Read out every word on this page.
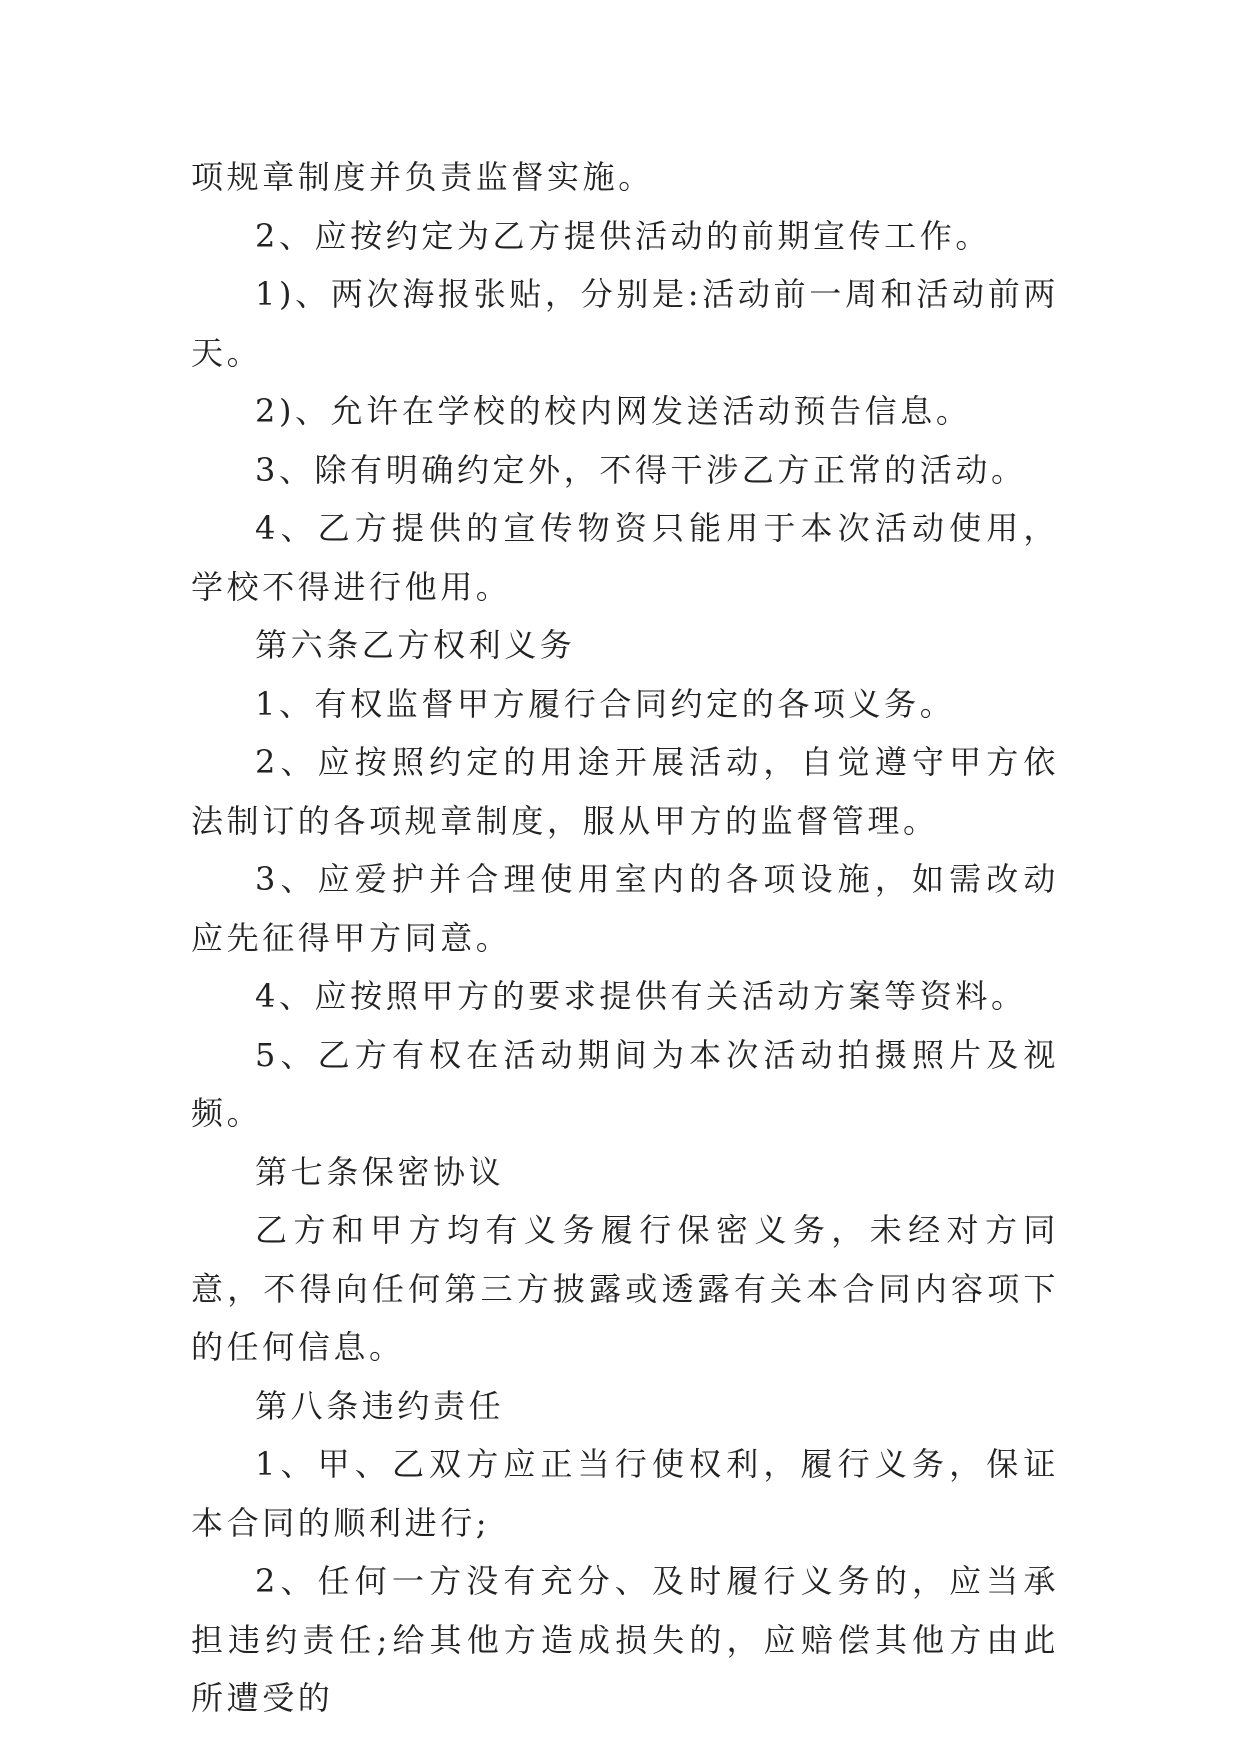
项规章制度并负责监督实施。

2、应按约定为乙方提供活动的前期宣传工作。

1)、两次海报张贴，分别是:活动前一周和活动前两天。

2)、允许在学校的校内网发送活动预告信息。

3、除有明确约定外，不得干涉乙方正常的活动。

4、乙方提供的宣传物资只能用于本次活动使用，学校不得进行他用。

第六条乙方权利义务

1、有权监督甲方履行合同约定的各项义务。

2、应按照约定的用途开展活动，自觉遵守甲方依法制订的各项规章制度，服从甲方的监督管理。

3、应爱护并合理使用室内的各项设施，如需改动应先征得甲方同意。

4、应按照甲方的要求提供有关活动方案等资料。

5、乙方有权在活动期间为本次活动拍摄照片及视频。

第七条保密协议

乙方和甲方均有义务履行保密义务，未经对方同意，不得向任何第三方披露或透露有关本合同内容项下的任何信息。

第八条违约责任

1、甲、乙双方应正当行使权利，履行义务，保证本合同的顺利进行;

2、任何一方没有充分、及时履行义务的，应当承担违约责任;给其他方造成损失的，应赔偿其他方由此所遭受的
